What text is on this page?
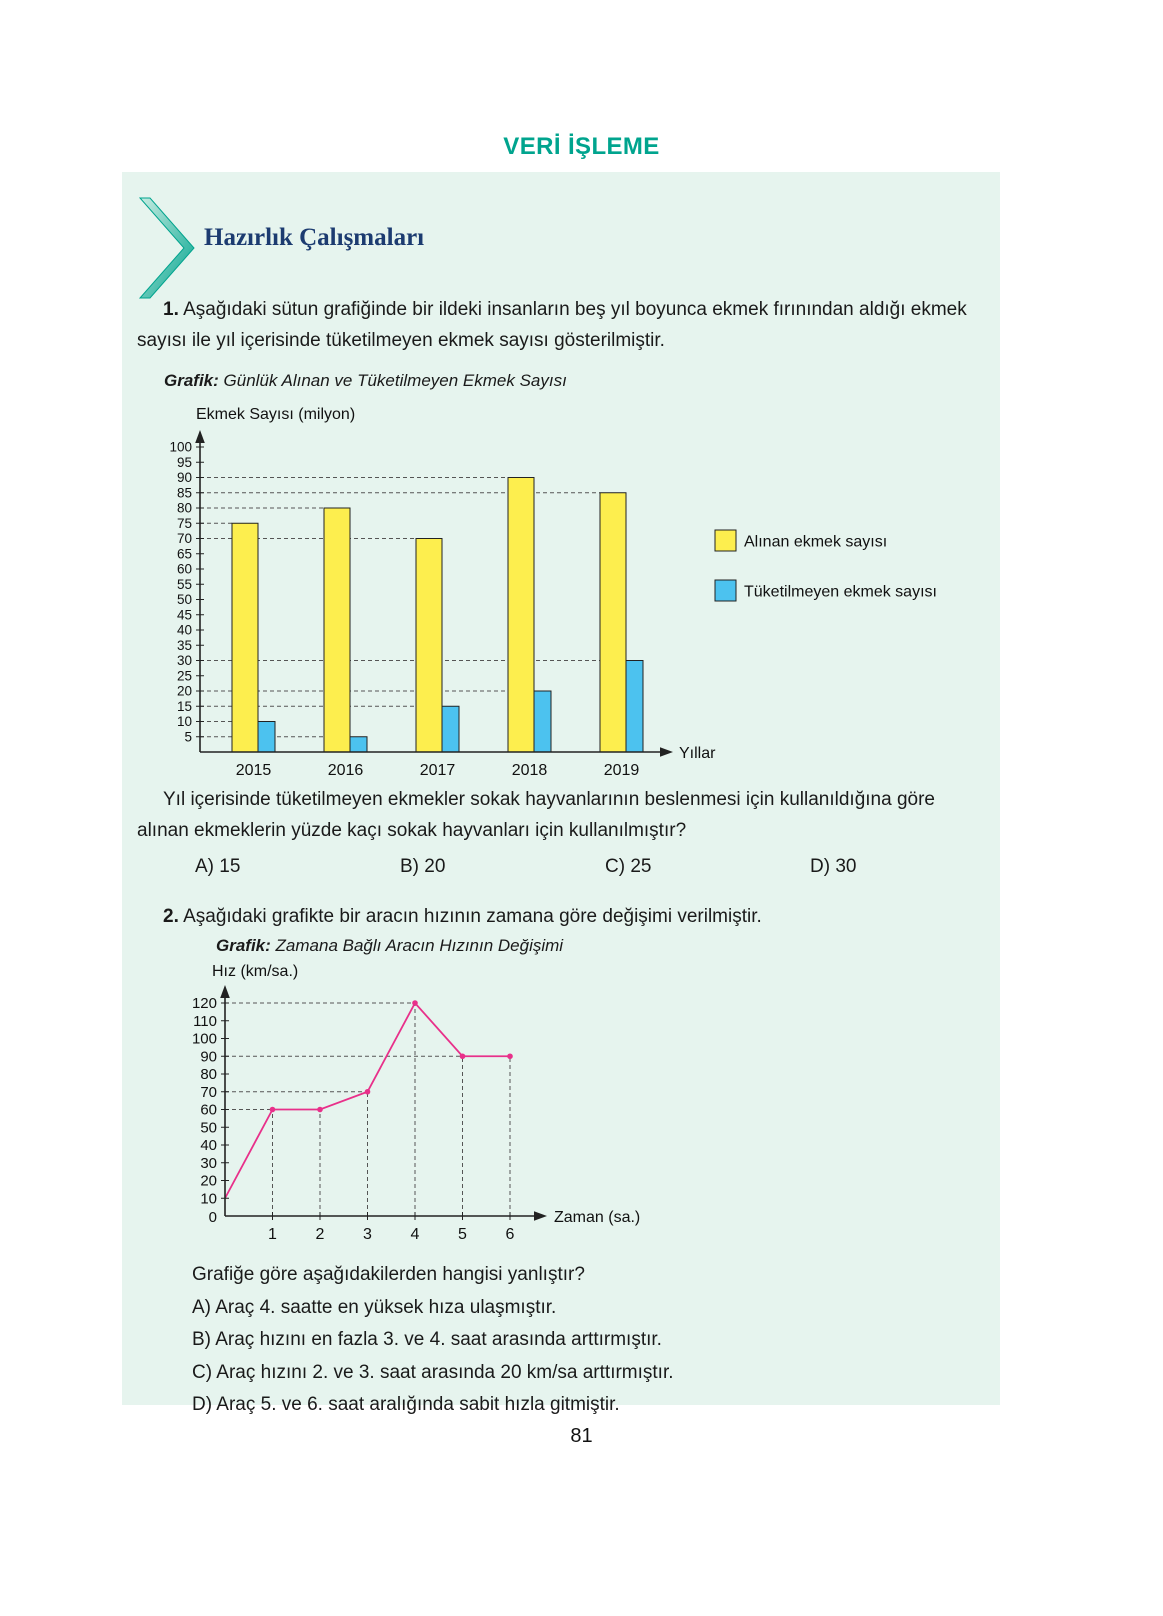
VERİ İŞLEME
Hazırlık Çalışmaları

1. Aşağıdaki sütun grafiğinde bir ildeki insanların beş yıl boyunca ekmek fırınından aldığı ekmek sayısı ile yıl içerisinde tüketilmeyen ekmek sayısı gösterilmiştir.

Grafik: Günlük Alınan ve Tüketilmeyen Ekmek Sayısı

5
10
15
20
25
30
35
40
45
50
55
60
65
70
75
80
85
90
95
100
2015	2016	2017	2018	2019
Ekmek Sayısı (milyon)
Yıllar
Alınan ekmek sayısı
Tüketilmeyen ekmek sayısı

Yıl içerisinde tüketilmeyen ekmekler sokak hayvanlarının beslenmesi için kullanıldığına göre alınan ekmeklerin yüzde kaçı sokak hayvanları için kullanılmıştır?

A) 15	B) 20	C) 25	D) 30

2. Aşağıdaki grafikte bir aracın hızının zamana göre değişimi verilmiştir.

Grafik: Zamana Bağlı Aracın Hızının Değişimi

10
20
30
40
50
60
70
80
90
100
110
120
0
1 2 3 4 5 6
Hız (km/sa.)
Zaman (sa.)

Grafiğe göre aşağıdakilerden hangisi yanlıştır?

A) Araç 4. saatte en yüksek hıza ulaşmıştır.

B) Araç hızını en fazla 3. ve 4. saat arasında arttırmıştır.

C) Araç hızını 2. ve 3. saat arasında 20 km/sa arttırmıştır.

D) Araç 5. ve 6. saat aralığında sabit hızla gitmiştir.

81
